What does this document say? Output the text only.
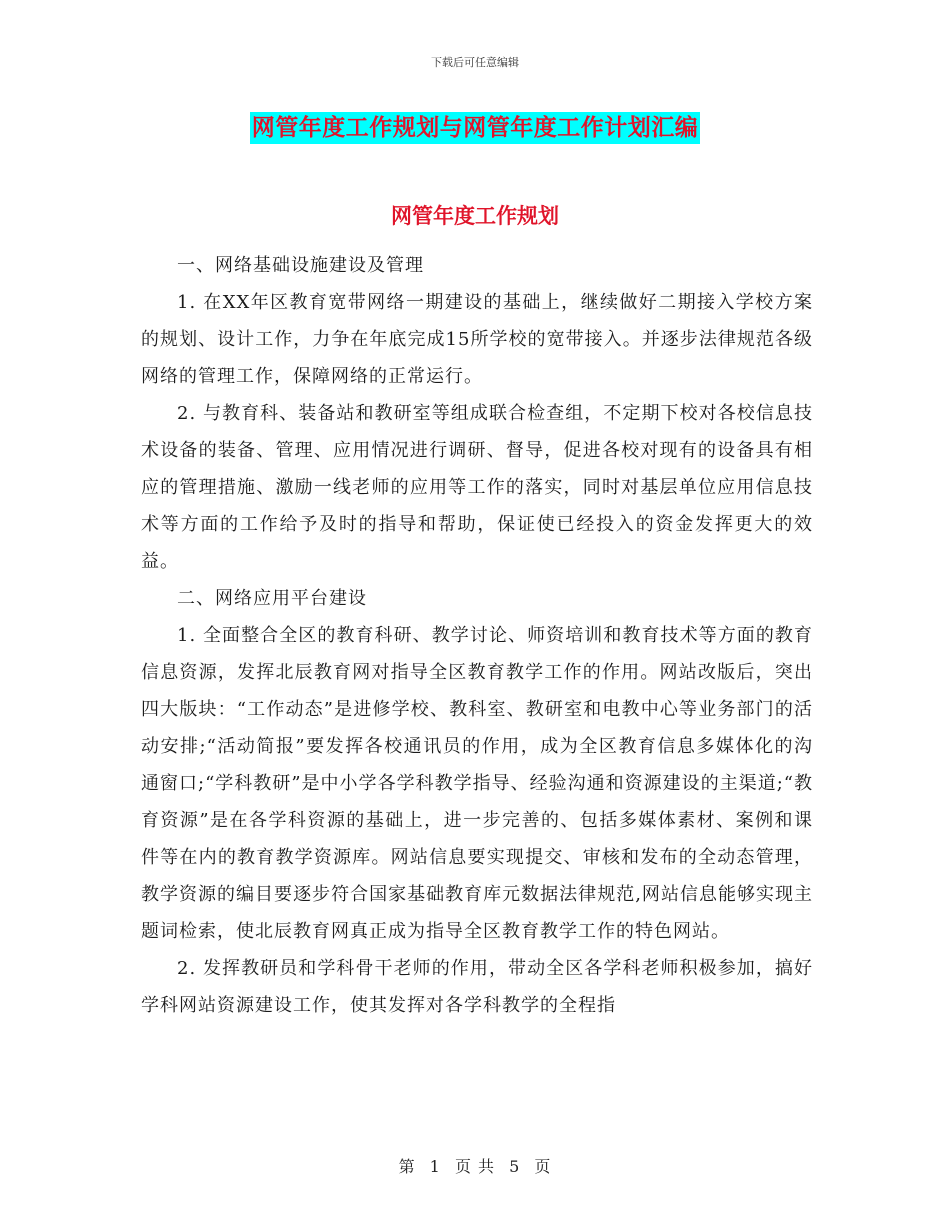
下载后可任意编辑
网管年度工作规划与网管年度工作计划汇编
网管年度工作规划

一、网络基础设施建设及管理

1. 在XX年区教育宽带网络一期建设的基础上，继续做好二期接入学校方案的规划、设计工作，力争在年底完成15所学校的宽带接入。并逐步法律规范各级网络的管理工作，保障网络的正常运行。

2. 与教育科、装备站和教研室等组成联合检查组，不定期下校对各校信息技术设备的装备、管理、应用情况进行调研、督导，促进各校对现有的设备具有相应的管理措施、激励一线老师的应用等工作的落实，同时对基层单位应用信息技术等方面的工作给予及时的指导和帮助，保证使已经投入的资金发挥更大的效益。

二、网络应用平台建设

1. 全面整合全区的教育科研、教学讨论、师资培训和教育技术等方面的教育信息资源，发挥北辰教育网对指导全区教育教学工作的作用。网站改版后，突出四大版块：“工作动态”是进修学校、教科室、教研室和电教中心等业务部门的活动安排;“活动简报”要发挥各校通讯员的作用，成为全区教育信息多媒体化的沟通窗口;“学科教研”是中小学各学科教学指导、经验沟通和资源建设的主渠道;“教育资源”是在各学科资源的基础上，进一步完善的、包括多媒体素材、案例和课件等在内的教育教学资源库。网站信息要实现提交、审核和发布的全动态管理，教学资源的编目要逐步符合国家基础教育库元数据法律规范,网站信息能够实现主题词检索，使北辰教育网真正成为指导全区教育教学工作的特色网站。

2. 发挥教研员和学科骨干老师的作用，带动全区各学科老师积极参加，搞好学科网站资源建设工作，使其发挥对各学科教学的全程指

第 1 页 共 5 页
